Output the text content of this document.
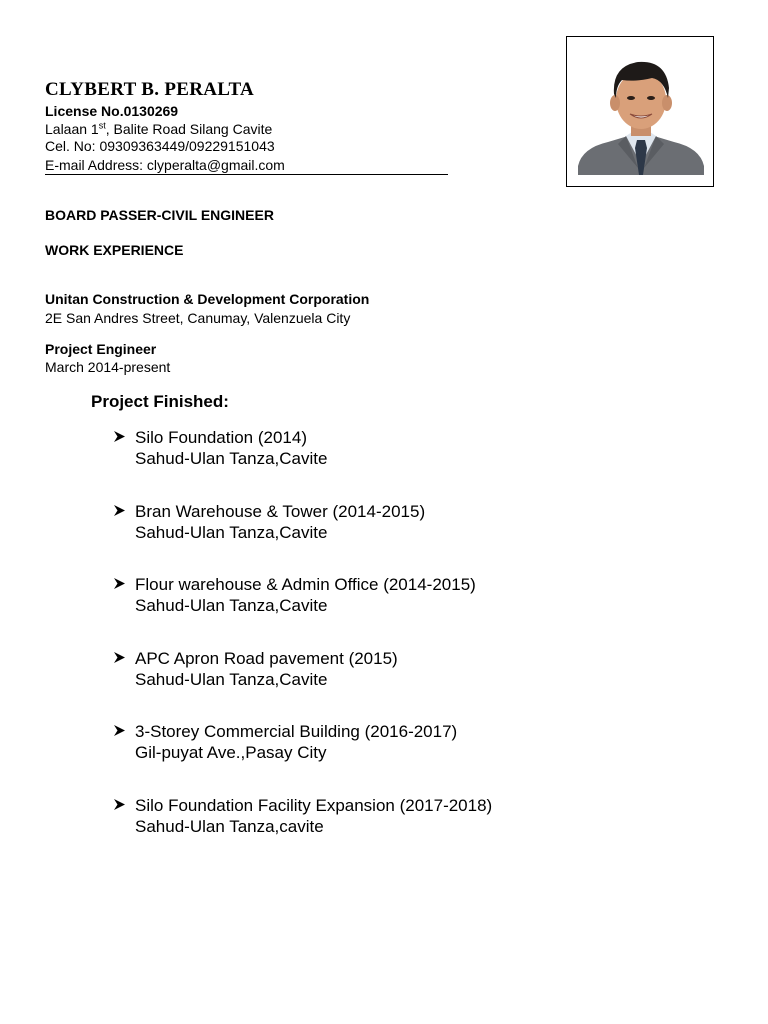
CLYBERT B. PERALTA
License No.0130269
Lalaan 1st, Balite Road Silang Cavite
Cel. No: 09309363449/09229151043
E-mail Address: clyperalta@gmail.com
BOARD PASSER-CIVIL ENGINEER
WORK EXPERIENCE
Unitan Construction & Development Corporation
2E San Andres Street, Canumay, Valenzuela City
Project Engineer
March 2014-present
Project Finished:
Silo Foundation (2014)
Sahud-Ulan Tanza,Cavite
Bran Warehouse & Tower (2014-2015)
Sahud-Ulan Tanza,Cavite
Flour warehouse & Admin Office (2014-2015)
Sahud-Ulan Tanza,Cavite
APC Apron Road pavement (2015)
Sahud-Ulan Tanza,Cavite
3-Storey Commercial Building (2016-2017)
Gil-puyat Ave.,Pasay City
Silo Foundation Facility Expansion (2017-2018)
Sahud-Ulan Tanza,cavite
